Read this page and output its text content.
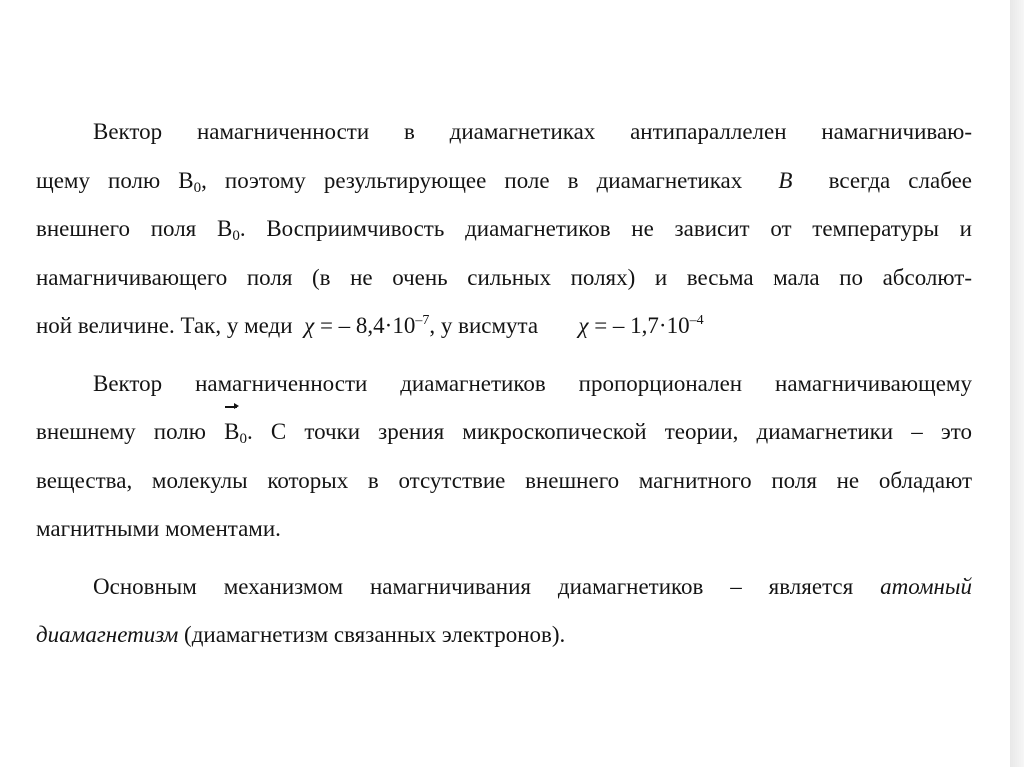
Вектор намагниченности в диамагнетиках антипараллелен намагничиваю-
щему полю $В_0$, поэтому результирующее поле в диамагнетиках B всегда слабее
внешнего поля $В_0$. Восприимчивость диамагнетиков не зависит от температуры и
намагничивающего поля (в не очень сильных полях) и весьма мала по абсолют-
ной величине. Так, у меди χ = – $8,4\cdot 10^{-7}$, у висмута χ = – $1,7\cdot 10^{-4}$
Вектор намагниченности диамагнетиков пропорционален намагничивающему
внешнему полю $В_0$. С точки зрения микроскопической теории, диамагнетики – это
вещества, молекулы которых в отсутствие внешнего магнитного поля не обладают
магнитными моментами.
Основным механизмом намагничивания диамагнетиков – является атомный
диамагнетизм (диамагнетизм связанных электронов).
